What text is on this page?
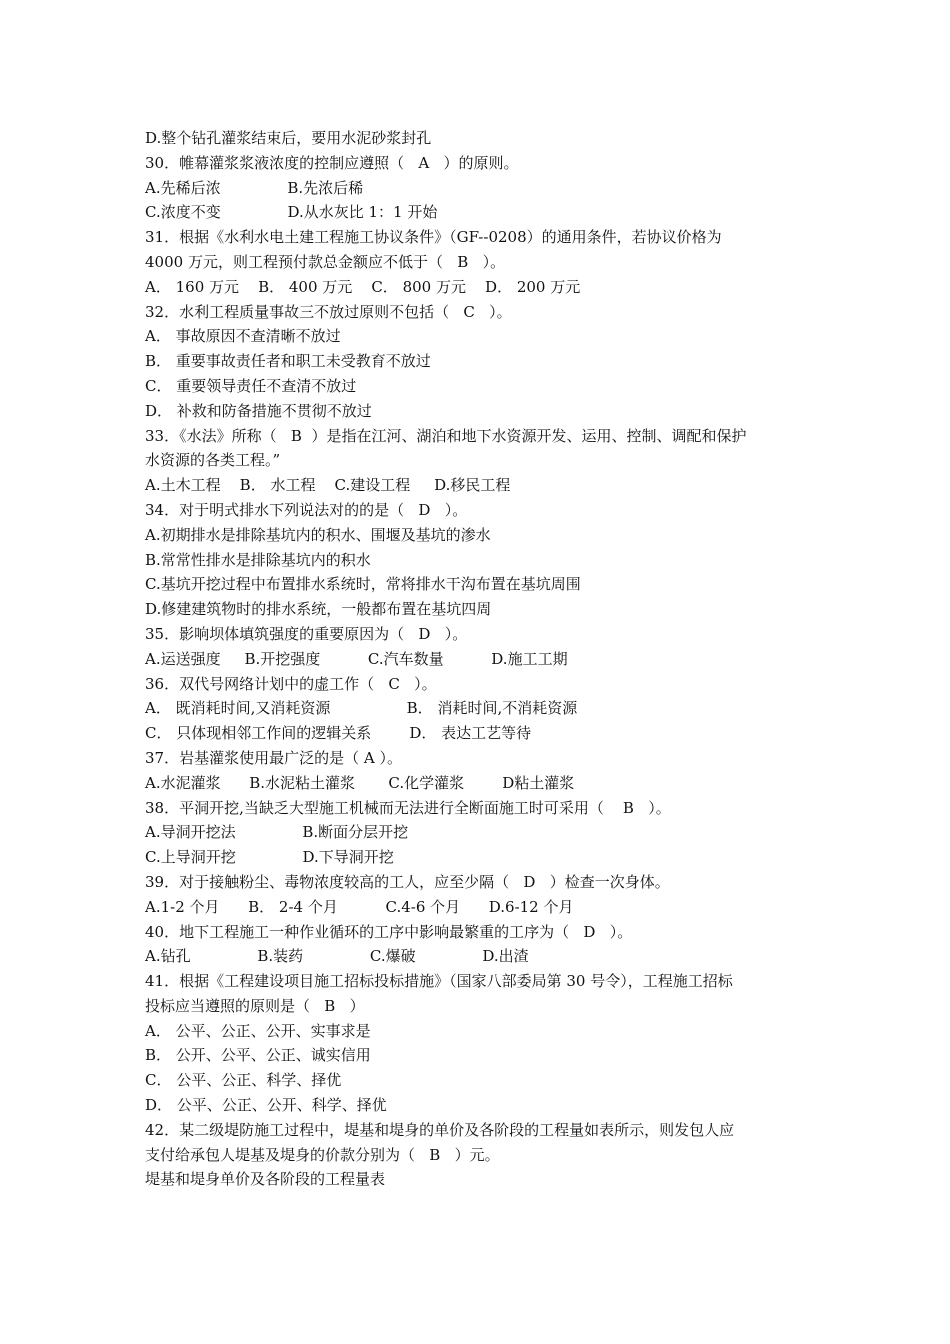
D.整个钻孔灌浆结束后，要用水泥砂浆封孔
30．帷幕灌浆浆液浓度的控制应遵照（   A   ）的原则。
A.先稀后浓              B.先浓后稀
C.浓度不变              D.从水灰比 1：1 开始
31．根据《水利水电土建工程施工协议条件》（GF--0208）的通用条件，若协议价格为
4000 万元，则工程预付款总金额应不低于（   B   ）。
A． 160 万元    B． 400 万元    C． 800 万元    D． 200 万元
32．水利工程质量事故三不放过原则不包括（   C   ）。
A． 事故原因不查清晰不放过
B． 重要事故责任者和职工未受教育不放过
C． 重要领导责任不查清不放过
D． 补救和防备措施不贯彻不放过
33．《水法》所称（   B  ）是指在江河、湖泊和地下水资源开发、运用、控制、调配和保护
水资源的各类工程。”
A.土木工程    B． 水工程    C.建设工程     D.移民工程
34．对于明式排水下列说法对的的是（   D   ）。
A.初期排水是排除基坑内的积水、围堰及基坑的渗水
B.常常性排水是排除基坑内的积水
C.基坑开挖过程中布置排水系统时，常将排水干沟布置在基坑周围
D.修建建筑物时的排水系统，一般都布置在基坑四周
35．影响坝体填筑强度的重要原因为（   D   ）。
A.运送强度     B.开挖强度          C.汽车数量          D.施工工期
36．双代号网络计划中的虚工作（   C   ）。
A． 既消耗时间,又消耗资源                B． 消耗时间,不消耗资源
C． 只体现相邻工作间的逻辑关系        D． 表达工艺等待
37．岩基灌浆使用最广泛的是（ A ）。
A.水泥灌浆      B.水泥粘土灌浆       C.化学灌浆        D粘土灌浆
38．平洞开挖,当缺乏大型施工机械而无法进行全断面施工时可采用（    B   ）。
A.导洞开挖法              B.断面分层开挖
C.上导洞开挖              D.下导洞开挖
39．对于接触粉尘、毒物浓度较高的工人，应至少隔（   D   ）检查一次身体。
A.1-2 个月      B． 2-4 个月          C.4-6 个月      D.6-12 个月
40．地下工程施工一种作业循环的工序中影响最繁重的工序为（   D   ）。
A.钻孔              B.装药              C.爆破              D.出渣
41．根据《工程建设项目施工招标投标措施》（国家八部委局第 30 号令），工程施工招标
投标应当遵照的原则是（   B   ）
A． 公平、公正、公开、实事求是
B． 公开、公平、公正、诚实信用
C． 公平、公正、科学、择优
D． 公平、公正、公开、科学、择优
42．某二级堤防施工过程中，堤基和堤身的单价及各阶段的工程量如表所示，则发包人应
支付给承包人堤基及堤身的价款分别为（   B   ）元。
堤基和堤身单价及各阶段的工程量表
